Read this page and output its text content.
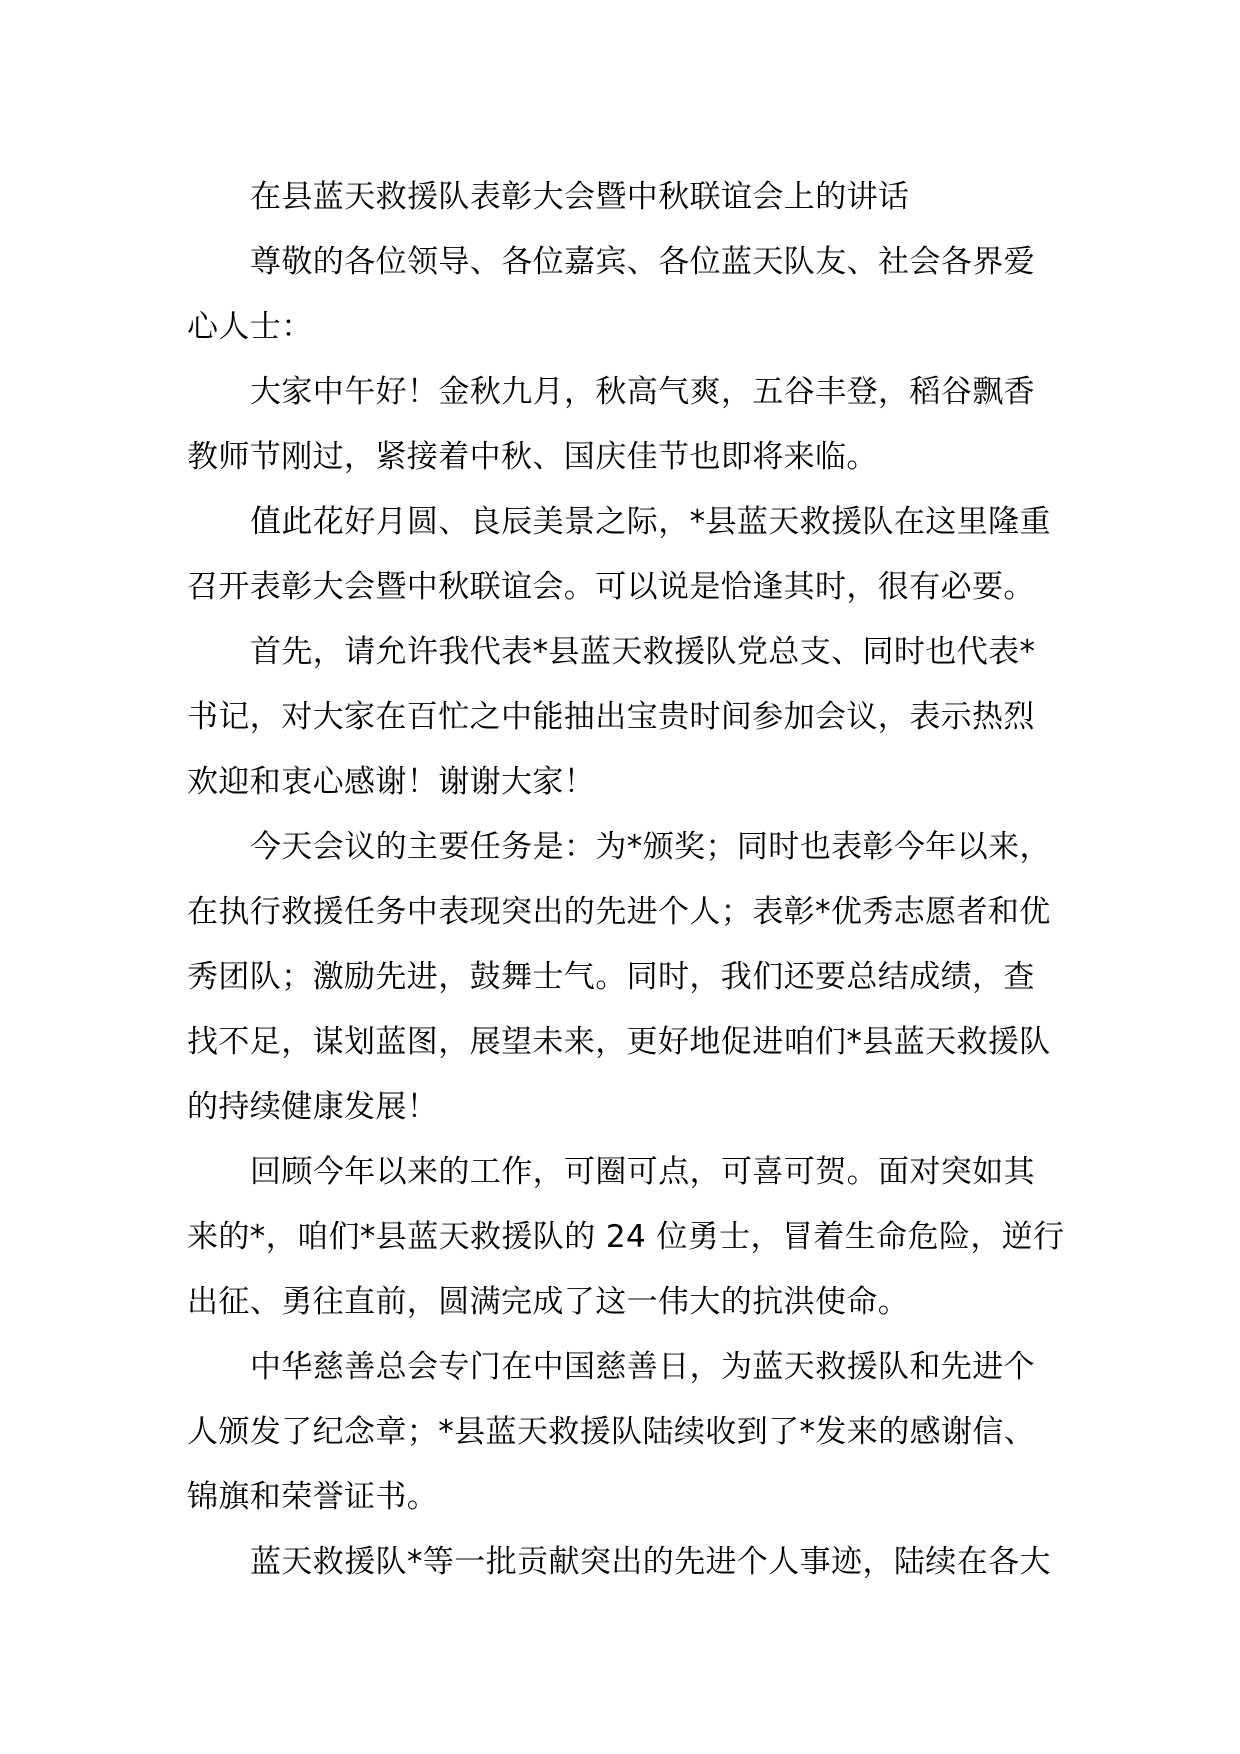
在县蓝天救援队表彰大会暨中秋联谊会上的讲话

尊敬的各位领导、各位嘉宾、各位蓝天队友、社会各界爱
心人士：

大家中午好！金秋九月，秋高气爽，五谷丰登，稻谷飘香
教师节刚过，紧接着中秋、国庆佳节也即将来临。

值此花好月圆、良辰美景之际，*县蓝天救援队在这里隆重
召开表彰大会暨中秋联谊会。可以说是恰逢其时，很有必要。

首先，请允许我代表*县蓝天救援队党总支、同时也代表*
书记，对大家在百忙之中能抽出宝贵时间参加会议，表示热烈
欢迎和衷心感谢！谢谢大家！

今天会议的主要任务是：为*颁奖；同时也表彰今年以来，
在执行救援任务中表现突出的先进个人；表彰*优秀志愿者和优
秀团队；激励先进，鼓舞士气。同时，我们还要总结成绩，查
找不足，谋划蓝图，展望未来，更好地促进咱们*县蓝天救援队
的持续健康发展！

回顾今年以来的工作，可圈可点，可喜可贺。面对突如其
来的*，咱们*县蓝天救援队的 24 位勇士，冒着生命危险，逆行
出征、勇往直前，圆满完成了这一伟大的抗洪使命。

中华慈善总会专门在中国慈善日，为蓝天救援队和先进个
人颁发了纪念章；*县蓝天救援队陆续收到了*发来的感谢信、
锦旗和荣誉证书。

蓝天救援队*等一批贡献突出的先进个人事迹，陆续在各大
